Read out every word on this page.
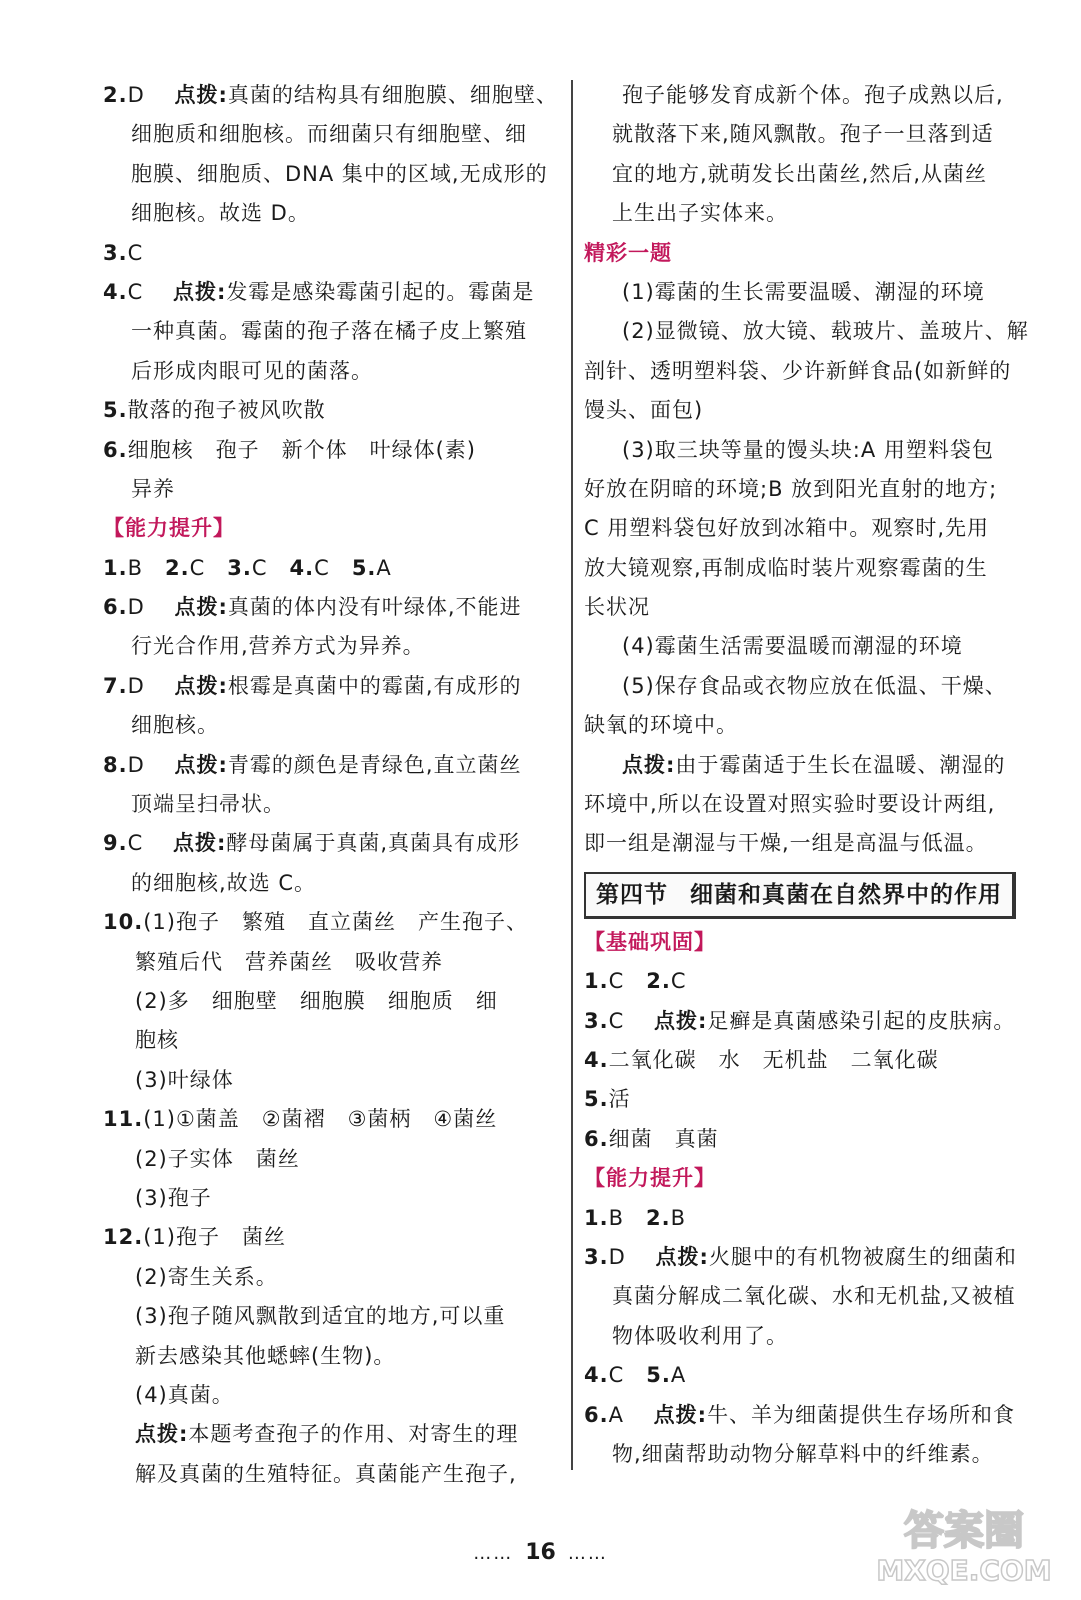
2.D　 点拨:真菌的结构具有细胞膜、细胞壁、
细胞质和细胞核。而细菌只有细胞壁、细
胞膜、细胞质、DNA 集中的区域,无成形的
细胞核。故选 D。
3.C
4.C　 点拨:发霉是感染霉菌引起的。霉菌是
一种真菌。霉菌的孢子落在橘子皮上繁殖
后形成肉眼可见的菌落。
5.散落的孢子被风吹散
6.细胞核　孢子　新个体　叶绿体(素)
异养
【能力提升】
1.B　 2.C　 3.C　 4.C　 5.A
6.D　 点拨:真菌的体内没有叶绿体,不能进
行光合作用,营养方式为异养。
7.D　 点拨:根霉是真菌中的霉菌,有成形的
细胞核。
8.D　 点拨:青霉的颜色是青绿色,直立菌丝
顶端呈扫帚状。
9.C　 点拨:酵母菌属于真菌,真菌具有成形
的细胞核,故选 C。
10.(1)孢子　繁殖　直立菌丝　产生孢子、
繁殖后代　营养菌丝　吸收营养
(2)多　细胞壁　细胞膜　细胞质　细
胞核
(3)叶绿体
11.(1)①菌盖　②菌褶　③菌柄　④菌丝
(2)子实体　菌丝
(3)孢子
12.(1)孢子　菌丝
(2)寄生关系。
(3)孢子随风飘散到适宜的地方,可以重
新去感染其他蟋蟀(生物)。
(4)真菌。
点拨:本题考查孢子的作用、对寄生的理
解及真菌的生殖特征。真菌能产生孢子,
孢子能够发育成新个体。孢子成熟以后,
就散落下来,随风飘散。孢子一旦落到适
宜的地方,就萌发长出菌丝,然后,从菌丝
上生出子实体来。
精彩一题
(1)霉菌的生长需要温暖、潮湿的环境
(2)显微镜、放大镜、载玻片、盖玻片、解
剖针、透明塑料袋、少许新鲜食品(如新鲜的
馒头、面包)
(3)取三块等量的馒头块:A 用塑料袋包
好放在阴暗的环境;B 放到阳光直射的地方;
C 用塑料袋包好放到冰箱中。观察时,先用
放大镜观察,再制成临时装片观察霉菌的生
长状况
(4)霉菌生活需要温暖而潮湿的环境
(5)保存食品或衣物应放在低温、干燥、
缺氧的环境中。
点拨:由于霉菌适于生长在温暖、潮湿的
环境中,所以在设置对照实验时要设计两组,
即一组是潮湿与干燥,一组是高温与低温。
第四节 细菌和真菌在自然界中的作用
【基础巩固】
1.C　 2.C
3.C　 点拨:足癣是真菌感染引起的皮肤病。
4.二氧化碳　水　无机盐　二氧化碳
5.活
6.细菌　真菌
【能力提升】
1.B　 2.B
3.D　 点拨:火腿中的有机物被腐生的细菌和
真菌分解成二氧化碳、水和无机盐,又被植
物体吸收利用了。
4.C　 5.A
6.A　 点拨:牛、羊为细菌提供生存场所和食
物,细菌帮助动物分解草料中的纤维素。
…… 16 ……	答案圈
MXQE.COM
